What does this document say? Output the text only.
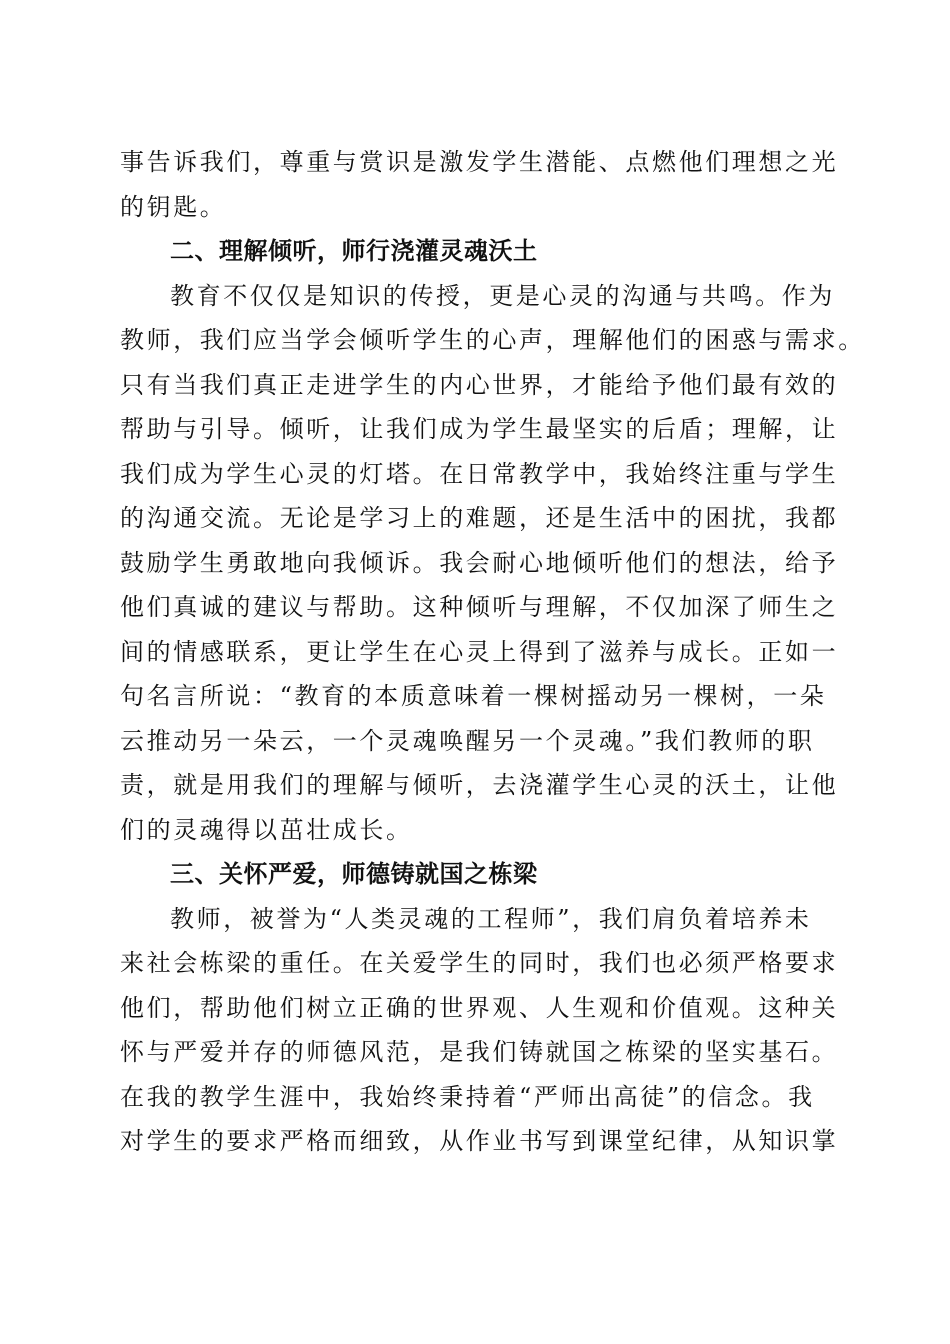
事告诉我们，尊重与赏识是激发学生潜能、点燃他们理想之光
的钥匙。
二、理解倾听，师行浇灌灵魂沃土
教育不仅仅是知识的传授，更是心灵的沟通与共鸣。作为
教师，我们应当学会倾听学生的心声，理解他们的困惑与需求。
只有当我们真正走进学生的内心世界，才能给予他们最有效的
帮助与引导。倾听，让我们成为学生最坚实的后盾；理解，让
我们成为学生心灵的灯塔。在日常教学中，我始终注重与学生
的沟通交流。无论是学习上的难题，还是生活中的困扰，我都
鼓励学生勇敢地向我倾诉。我会耐心地倾听他们的想法，给予
他们真诚的建议与帮助。这种倾听与理解，不仅加深了师生之
间的情感联系，更让学生在心灵上得到了滋养与成长。正如一
句名言所说：“教育的本质意味着一棵树摇动另一棵树，一朵
云推动另一朵云，一个灵魂唤醒另一个灵魂。”我们教师的职
责，就是用我们的理解与倾听，去浇灌学生心灵的沃土，让他
们的灵魂得以茁壮成长。
三、关怀严爱，师德铸就国之栋梁
教师，被誉为“人类灵魂的工程师”，我们肩负着培养未
来社会栋梁的重任。在关爱学生的同时，我们也必须严格要求
他们，帮助他们树立正确的世界观、人生观和价值观。这种关
怀与严爱并存的师德风范，是我们铸就国之栋梁的坚实基石。
在我的教学生涯中，我始终秉持着“严师出高徒”的信念。我
对学生的要求严格而细致，从作业书写到课堂纪律，从知识掌
